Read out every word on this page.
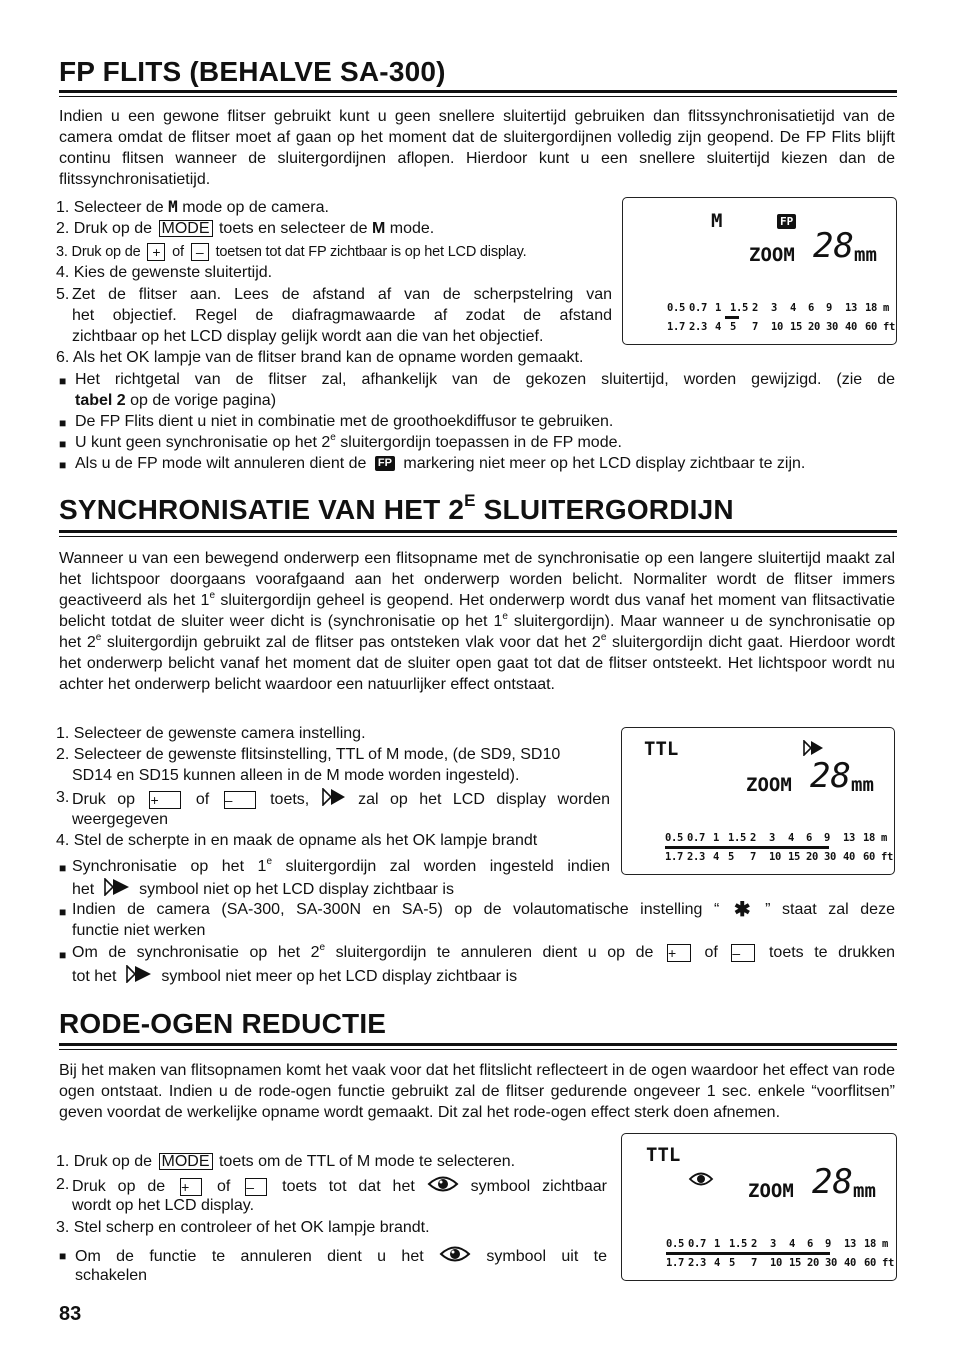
FP FLITS (BEHALVE SA-300)

Indien u een gewone flitser gebruikt kunt u geen snellere sluitertijd gebruiken dan flitssynchronisatietijd van de camera omdat de flitser moet af gaan op het moment dat de sluitergordijnen volledig zijn geopend. De FP Flits blijft continu flitsen wanneer de sluitergordijnen aflopen. Hierdoor kunt u een snellere sluitertijd kiezen dan de flitssynchronisatietijd.

1. Selecteer de M mode op de camera.
2. Druk op de MODE toets en selecteer de M mode.
3. Druk op de + of – toetsen tot dat FP zichtbaar is op het LCD display.
4. Kies de gewenste sluitertijd.
5. Zet de flitser aan. Lees de afstand af van de scherpstelring van
het objectief. Regel de diafragmawaarde af zodat de afstand
zichtbaar op het LCD display gelijk wordt aan die van het objectief.
6. Als het OK lampje van de flitser brand kan de opname worden gemaakt.
M	FP
ZOOM 28 mm
0.5 0.7 1 1.5 2 3 4 6 9 13 18 m
1.7 2.3 4 5 7 10 15 20 30 40 60 ft
■ Het richtgetal van de flitser zal, afhankelijk van de gekozen sluitertijd, worden gewijzigd. (zie de
tabel 2 op de vorige pagina)
■ De FP Flits dient u niet in combinatie met de groothoekdiffusor te gebruiken.
■ U kunt geen synchronisatie op het 2e sluitergordijn toepassen in de FP mode.
■ Als u de FP mode wilt annuleren dient de FP markering niet meer op het LCD display zichtbaar te zijn.
SYNCHRONISATIE VAN HET $2^E$ SLUITERGORDIJN

Wanneer u van een bewegend onderwerp een flitsopname met de synchronisatie op een langere sluitertijd maakt zal het lichtspoor doorgaans voorafgaand aan het onderwerp worden belicht. Normaliter wordt de flitser immers geactiveerd als het 1e sluitergordijn geheel is geopend. Het onderwerp wordt dus vanaf het moment van flitsactivatie belicht totdat de sluiter weer dicht is (synchronisatie op het 1e sluitergordijn). Maar wanneer u de synchronisatie op het 2e sluitergordijn gebruikt zal de flitser pas ontsteken vlak voor dat het 2e sluitergordijn dicht gaat. Hierdoor wordt het onderwerp belicht vanaf het moment dat de sluiter open gaat tot dat de flitser ontsteekt. Het lichtspoor wordt nu achter het onderwerp belicht waardoor een natuurlijker effect ontstaat.

1. Selecteer de gewenste camera instelling.
2. Selecteer de gewenste flitsinstelling, TTL of M mode, (de SD9, SD10
SD14 en SD15 kunnen alleen in de M mode worden ingesteld).
3. Druk op + of – toets,	zal op het LCD display worden
weergegeven
4. Stel de scherpte in en maak de opname als het OK lampje brandt
TTL
ZOOM 28 mm
0.5 0.7 1 1.5 2 3 4 6 9 13 18 m
1.7 2.3 4 5 7 10 15 20 30 40 60 ft
■ Synchronisatie op het 1e sluitergordijn zal worden ingesteld indien
het	symbool niet op het LCD display zichtbaar is
■ Indien de camera (SA-300, SA-300N en SA-5) op de volautomatische instelling “ ✱ ” staat zal deze
functie niet werken
■ Om de synchronisatie op het 2e sluitergordijn te annuleren dient u op de + of – toets te drukken
tot het	symbool niet meer op het LCD display zichtbaar is
RODE-OGEN REDUCTIE

Bij het maken van flitsopnamen komt het vaak voor dat het flitslicht reflecteert in de ogen waardoor het effect van rode ogen ontstaat. Indien u de rode-ogen functie gebruikt zal de flitser gedurende ongeveer 1 sec. enkele “voorflitsen” geven voordat de werkelijke opname wordt gemaakt. Dit zal het rode-ogen effect sterk doen afnemen.

1. Druk op de MODE toets om de TTL of M mode te selecteren.
2. Druk op de + of – toets tot dat het	symbool zichtbaar
wordt op het LCD display.
3. Stel scherp en controleer of het OK lampje brandt.
■ Om de functie te annuleren dient u het	symbool uit te
schakelen
TTL
ZOOM 28 mm
0.5 0.7 1 1.5 2 3 4 6 9 13 18 m
1.7 2.3 4 5 7 10 15 20 30 40 60 ft
83
